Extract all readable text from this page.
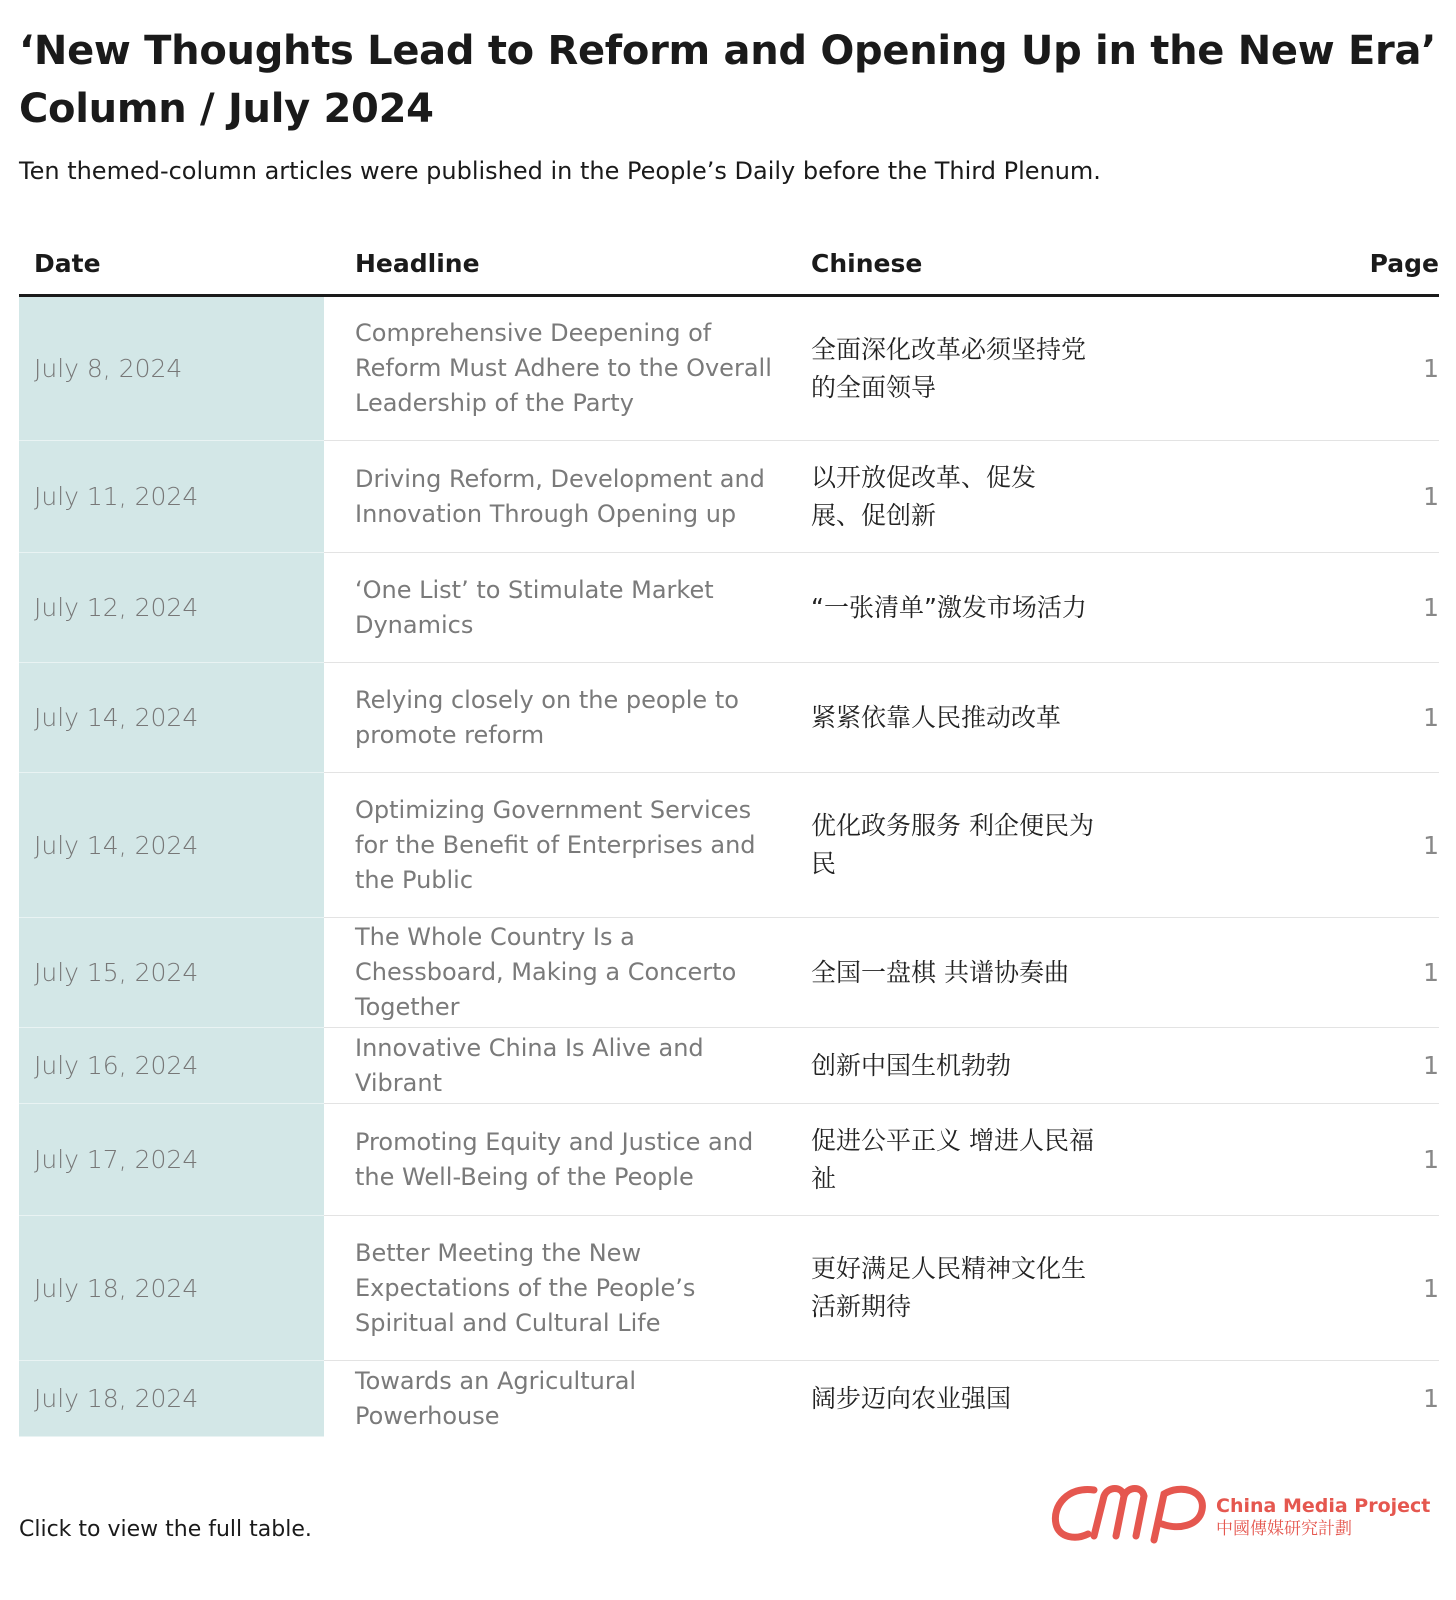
‘New Thoughts Lead to Reform and Opening Up in the New Era’ Column / July 2024

Ten themed-column articles were published in the People’s Daily before the Third Plenum.

Date	Headline	Chinese	Page
July 8, 2024	Comprehensive Deepening of Reform Must Adhere to the Overall Leadership of the Party	全面深化改革必须坚持党的全面领导	1
July 11, 2024	Driving Reform, Development and Innovation Through Opening up	以开放促改革、促发展、促创新	1
July 12, 2024	‘One List’ to Stimulate Market Dynamics	“一张清单”激发市场活力	1
July 14, 2024	Relying closely on the people to promote reform	紧紧依靠人民推动改革	1
July 14, 2024	Optimizing Government Services for the Benefit of Enterprises and the Public	优化政务服务 利企便民为民	1
July 15, 2024	The Whole Country Is a Chessboard, Making a Concerto Together	全国一盘棋 共谱协奏曲	1
July 16, 2024	Innovative China Is Alive and Vibrant	创新中国生机勃勃	1
July 17, 2024	Promoting Equity and Justice and the Well-Being of the People	促进公平正义 增进人民福祉	1
July 18, 2024	Better Meeting the New Expectations of the People’s Spiritual and Cultural Life	更好满足人民精神文化生活新期待	1
July 18, 2024	Towards an Agricultural Powerhouse	阔步迈向农业强国	1

Click to view the full table.

China Media Project
中國傳媒研究計劃
